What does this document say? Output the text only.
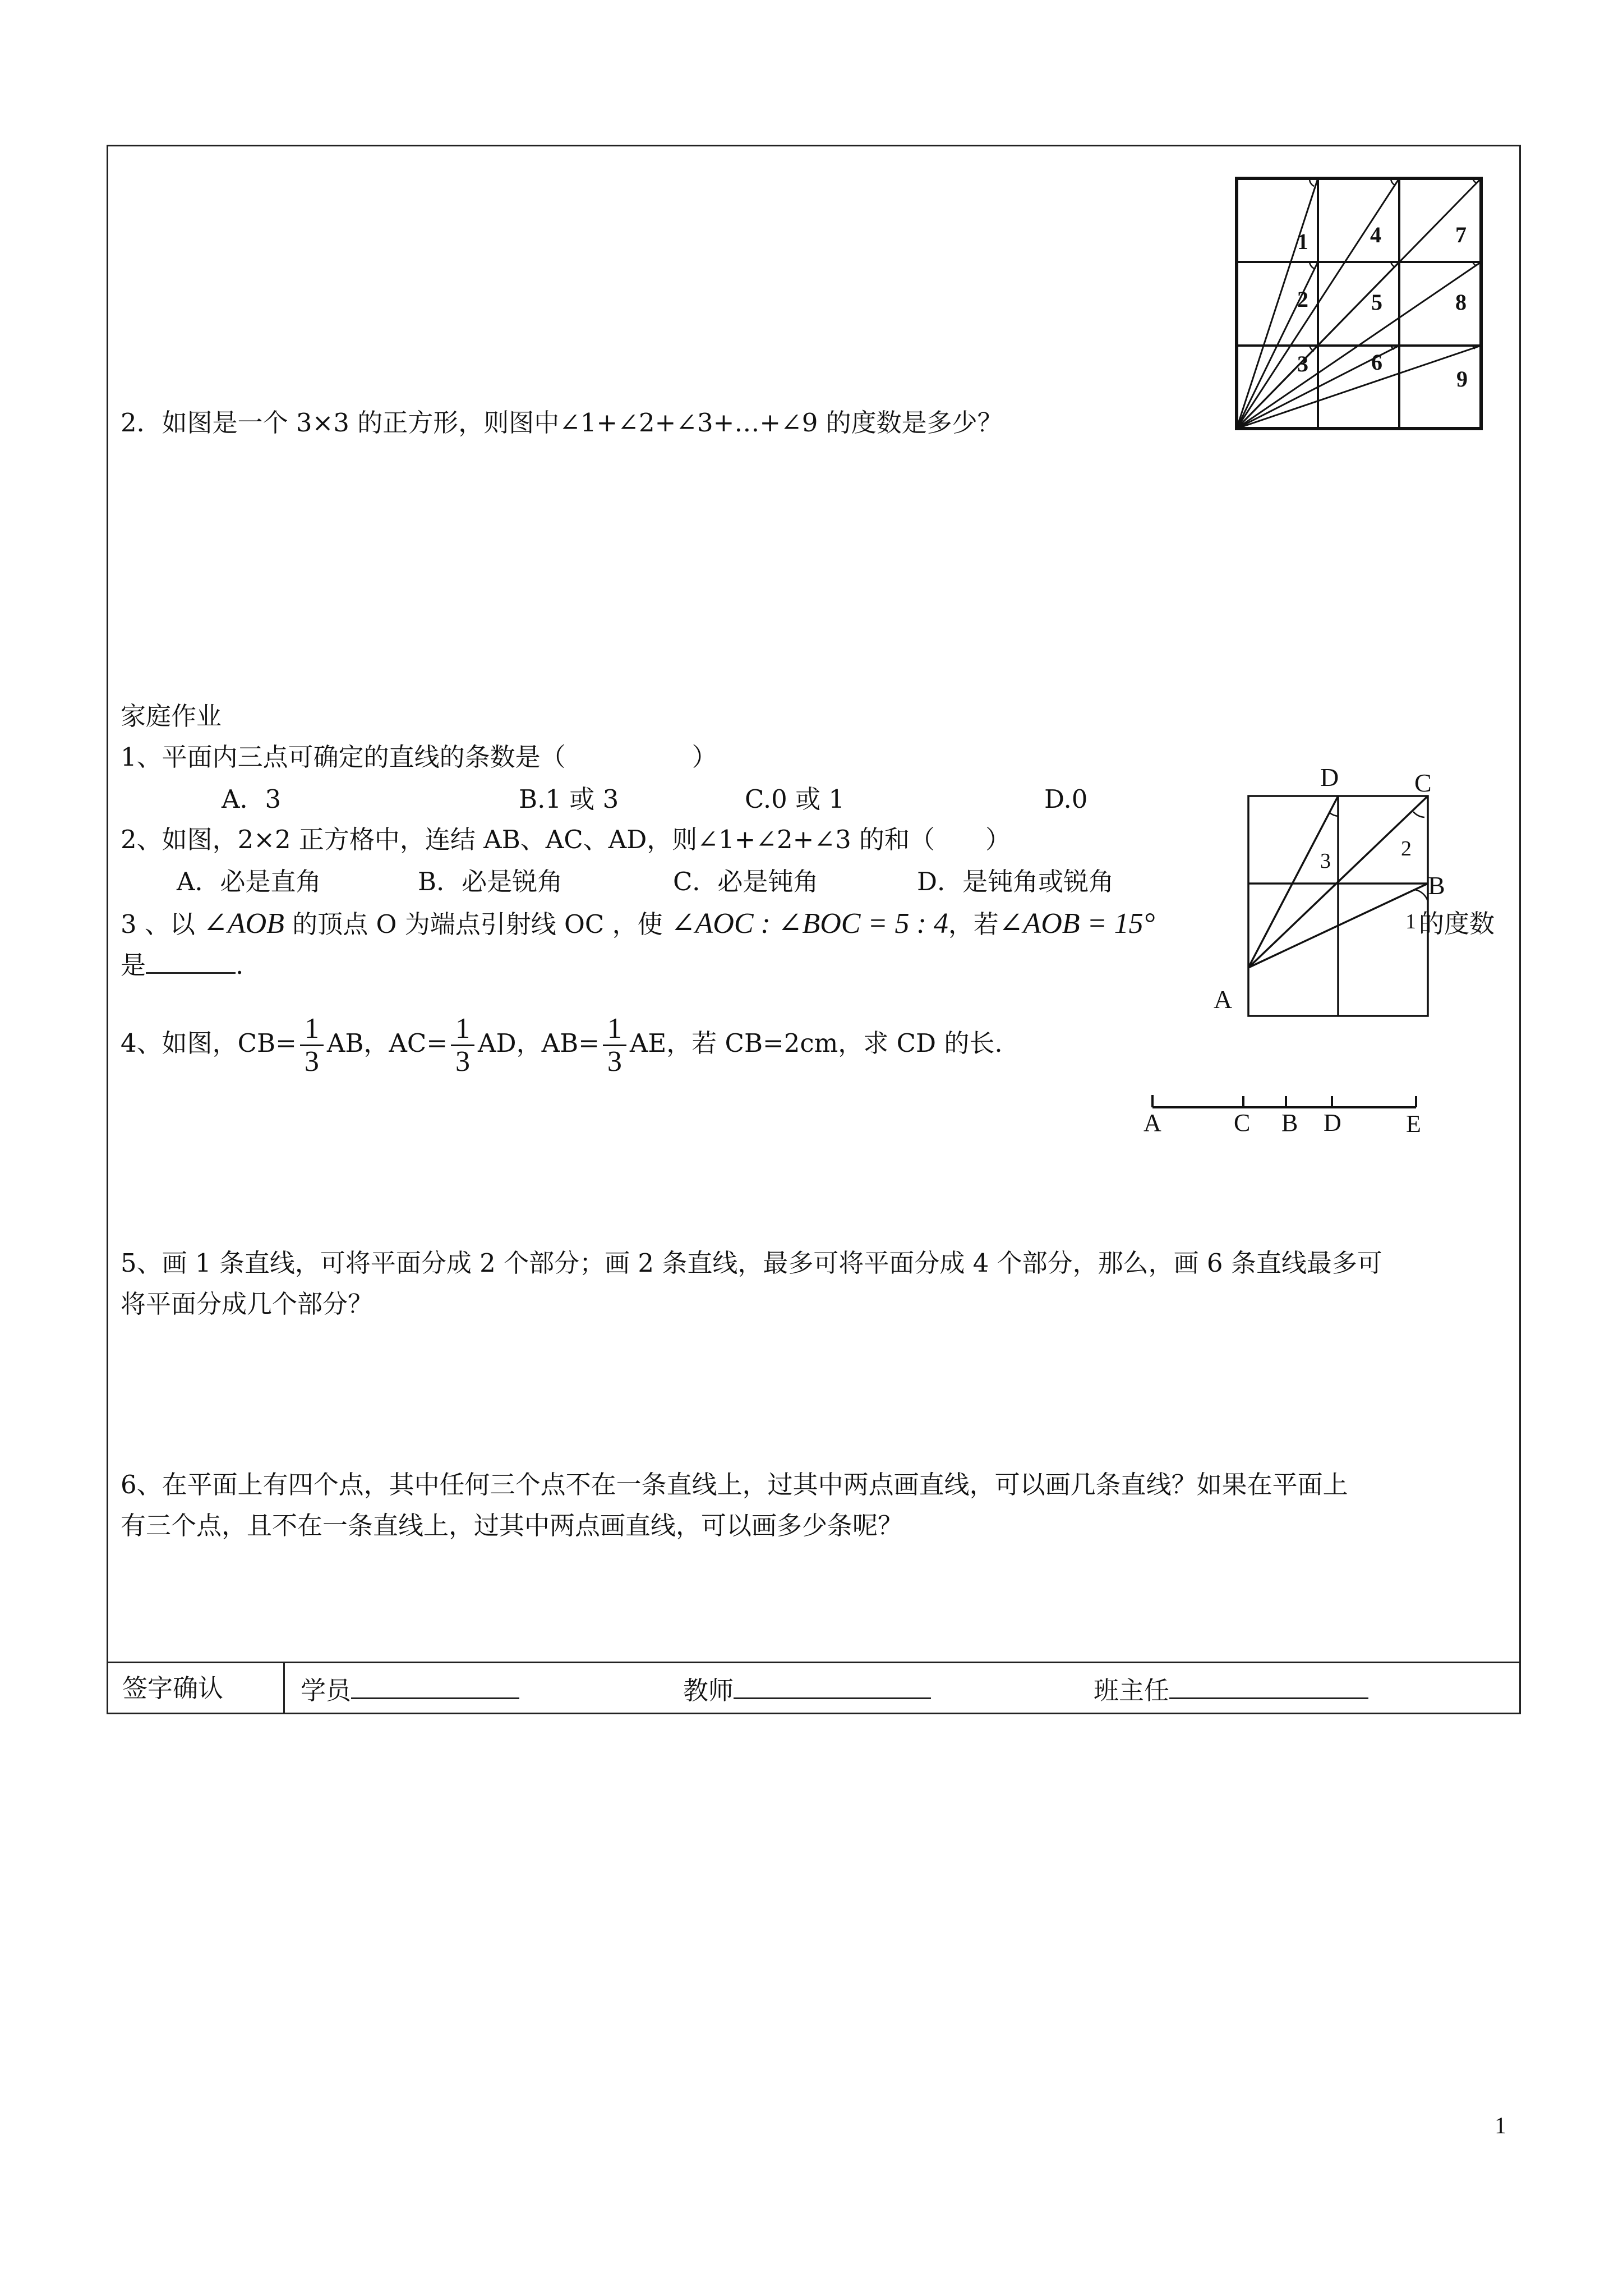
1
2
3
4
5
6
7
8
9
2．如图是一个 3×3 的正方形，则图中∠1+∠2+∠3+…+∠9 的度数是多少？
家庭作业
1、平面内三点可确定的直线的条数是（　　　　　）
A．3	B.1 或 3	C.0 或 1	D.0
2、如图，2×2 正方格中，连结 AB、AC、AD，则∠1+∠2+∠3 的和（　　）
A．必是直角	B．必是锐角	C．必是钝角	D．是钝角或锐角
D	C
B
A
3
2
1
3 、以 ∠AOB 的顶点 O 为端点引射线 OC ，使 ∠AOC : ∠BOC = 5 : 4，若∠AOB = 15°	的度数
是	.
4、如图，$CB= \frac{1}{3}$ AB，$AC= \frac{1}{3}$ AD，$AB= \frac{1}{3}$ AE，若 CB=2cm，求 CD 的长.
A	C B D	E
5、画 1 条直线，可将平面分成 2 个部分；画 2 条直线，最多可将平面分成 4 个部分，那么，画 6 条直线最多可
将平面分成几个部分？
6、在平面上有四个点，其中任何三个点不在一条直线上，过其中两点画直线，可以画几条直线？如果在平面上
有三个点，且不在一条直线上，过其中两点画直线，可以画多少条呢？
签字确认	学员	教师	班主任
1
